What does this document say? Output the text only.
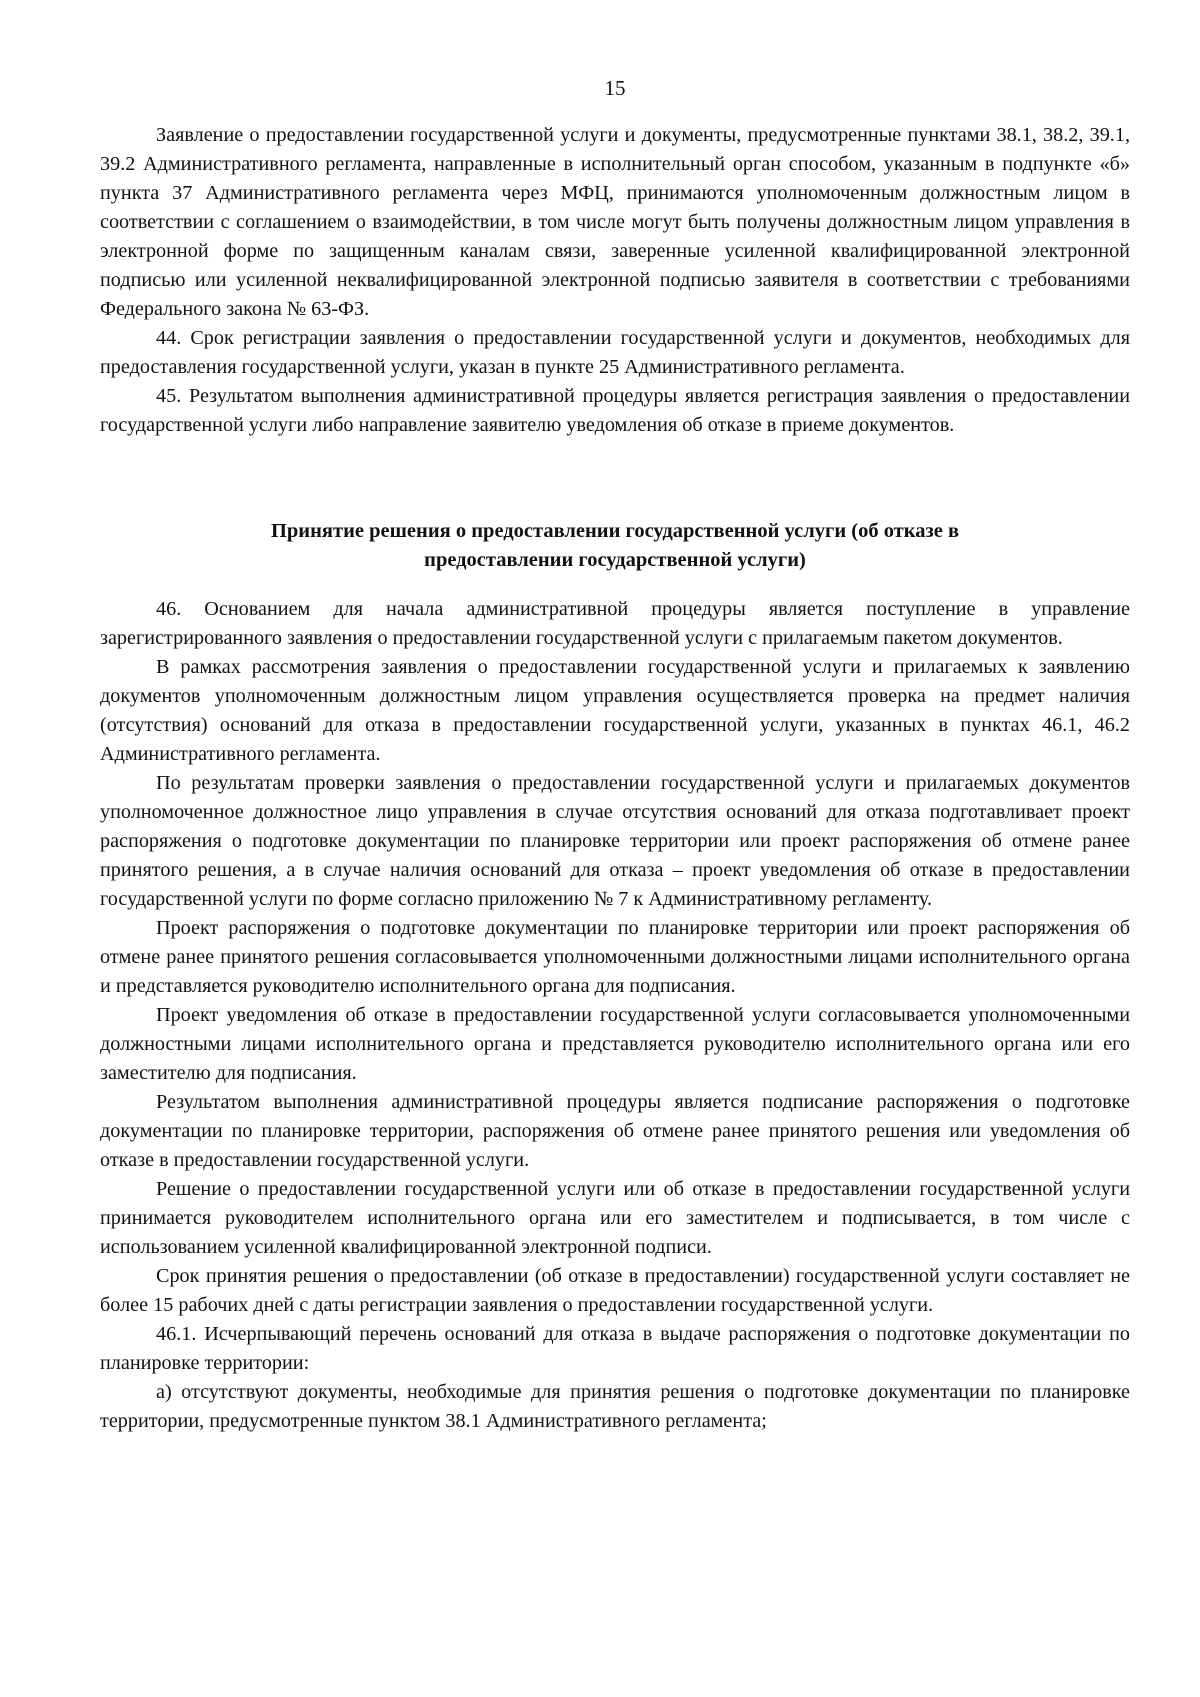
15

Заявление о предоставлении государственной услуги и документы, предусмотренные пунктами 38.1, 38.2, 39.1, 39.2 Административного регламента, направленные в исполнительный орган способом, указанным в подпункте «б» пункта 37 Административного регламента через МФЦ, принимаются уполномоченным должностным лицом в соответствии с соглашением о взаимодействии, в том числе могут быть получены должностным лицом управления в электронной форме по защищенным каналам связи, заверенные усиленной квалифицированной электронной подписью или усиленной неквалифицированной электронной подписью заявителя в соответствии с требованиями Федерального закона № 63-ФЗ.

44. Срок регистрации заявления о предоставлении государственной услуги и документов, необходимых для предоставления государственной услуги, указан в пункте 25 Административного регламента.

45. Результатом выполнения административной процедуры является регистрация заявления о предоставлении государственной услуги либо направление заявителю уведомления об отказе в приеме документов.

Принятие решения о предоставлении государственной услуги (об отказе в
предоставлении государственной услуги)

46. Основанием для начала административной процедуры является поступление в управление зарегистрированного заявления о предоставлении государственной услуги с прилагаемым пакетом документов.

В рамках рассмотрения заявления о предоставлении государственной услуги и прилагаемых к заявлению документов уполномоченным должностным лицом управления осуществляется проверка на предмет наличия (отсутствия) оснований для отказа в предоставлении государственной услуги, указанных в пунктах 46.1, 46.2 Административного регламента.

По результатам проверки заявления о предоставлении государственной услуги и прилагаемых документов уполномоченное должностное лицо управления в случае отсутствия оснований для отказа подготавливает проект распоряжения о подготовке документации по планировке территории или проект распоряжения об отмене ранее принятого решения, а в случае наличия оснований для отказа – проект уведомления об отказе в предоставлении государственной услуги по форме согласно приложению № 7 к Административному регламенту.

Проект распоряжения о подготовке документации по планировке территории или проект распоряжения об отмене ранее принятого решения согласовывается уполномоченными должностными лицами исполнительного органа и представляется руководителю исполнительного органа для подписания.

Проект уведомления об отказе в предоставлении государственной услуги согласовывается уполномоченными должностными лицами исполнительного органа и представляется руководителю исполнительного органа или его заместителю для подписания.

Результатом выполнения административной процедуры является подписание распоряжения о подготовке документации по планировке территории, распоряжения об отмене ранее принятого решения или уведомления об отказе в предоставлении государственной услуги.

Решение о предоставлении государственной услуги или об отказе в предоставлении государственной услуги принимается руководителем исполнительного органа или его заместителем и подписывается, в том числе с использованием усиленной квалифицированной электронной подписи.

Срок принятия решения о предоставлении (об отказе в предоставлении) государственной услуги составляет не более 15 рабочих дней с даты регистрации заявления о предоставлении государственной услуги.

46.1. Исчерпывающий перечень оснований для отказа в выдаче распоряжения о подготовке документации по планировке территории:

а) отсутствуют документы, необходимые для принятия решения о подготовке документации по планировке территории, предусмотренные пунктом 38.1 Административного регламента;
